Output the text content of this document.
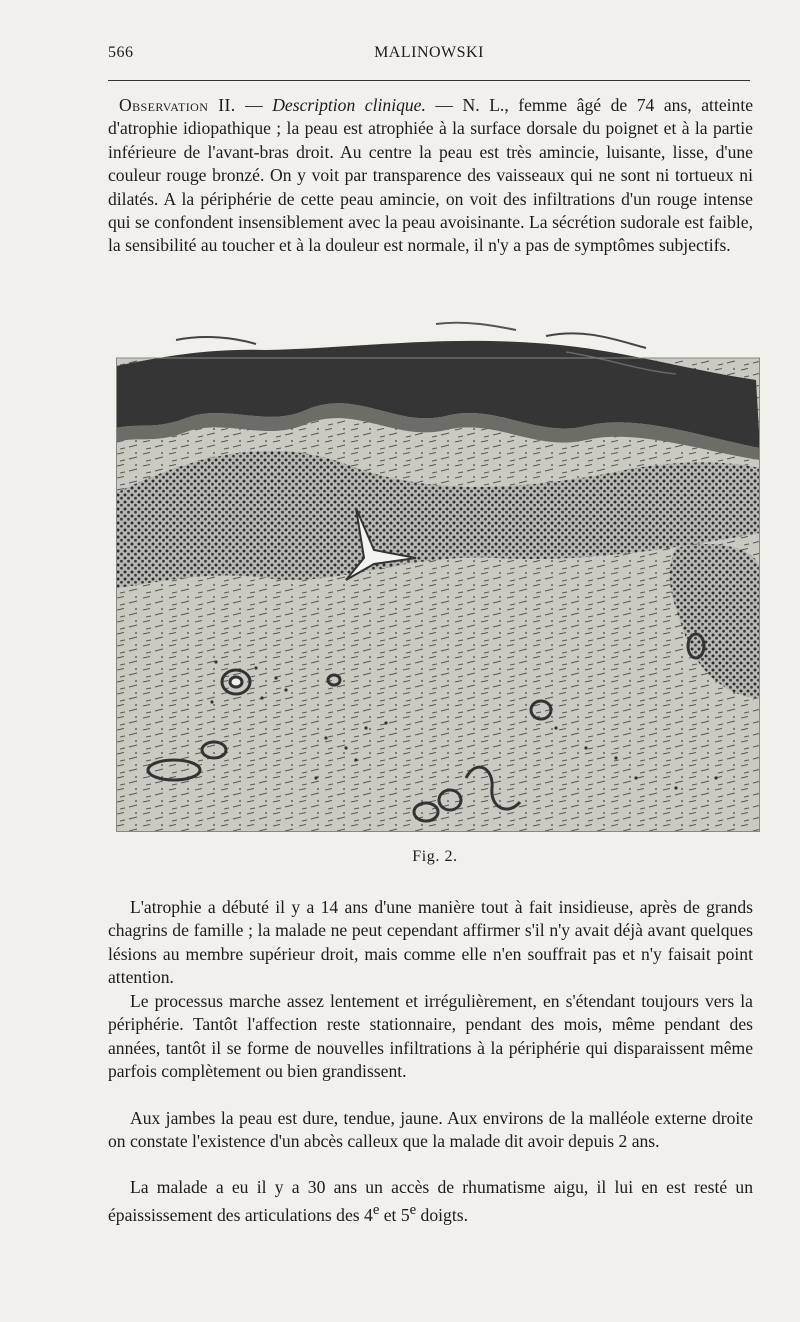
566	MALINOWSKI

Observation II. — Description clinique. — N. L., femme âgé de 74 ans, atteinte d'atrophie idiopathique ; la peau est atrophiée à la surface dorsale du poignet et à la partie inférieure de l'avant-bras droit. Au centre la peau est très amincie, luisante, lisse, d'une couleur rouge bronzé. On y voit par transparence des vaisseaux qui ne sont ni tortueux ni dilatés. A la périphérie de cette peau amincie, on voit des infiltrations d'un rouge intense qui se confondent insensiblement avec la peau avoisinante. La sécrétion sudorale est faible, la sensibilité au toucher et à la douleur est normale, il n'y a pas de symptômes subjectifs.

Fig. 2.

L'atrophie a débuté il y a 14 ans d'une manière tout à fait insidieuse, après de grands chagrins de famille ; la malade ne peut cependant affirmer s'il n'y avait déjà avant quelques lésions au membre supérieur droit, mais comme elle n'en souffrait pas et n'y faisait point attention.

Le processus marche assez lentement et irrégulièrement, en s'étendant toujours vers la périphérie. Tantôt l'affection reste stationnaire, pendant des mois, même pendant des années, tantôt il se forme de nouvelles infiltrations à la périphérie qui disparaissent même parfois complètement ou bien grandissent.

Aux jambes la peau est dure, tendue, jaune. Aux environs de la malléole externe droite on constate l'existence d'un abcès calleux que la malade dit avoir depuis 2 ans.

La malade a eu il y a 30 ans un accès de rhumatisme aigu, il lui en est resté un épaississement des articulations des 4e et 5e doigts.
